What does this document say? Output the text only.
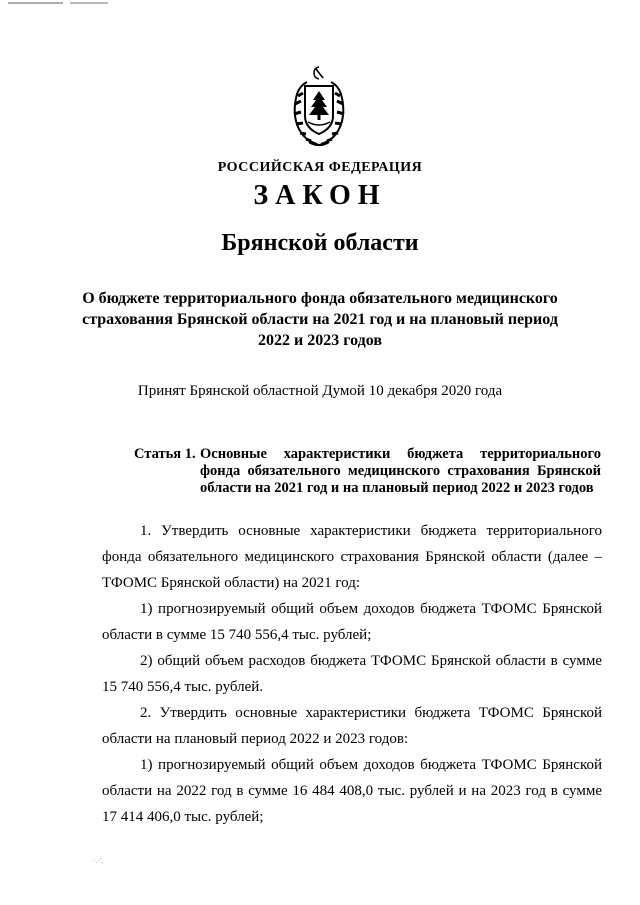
РОССИЙСКАЯ ФЕДЕРАЦИЯ
ЗАКОН
Брянской области
О бюджете территориального фонда обязательного медицинского страхования Брянской области на 2021 год и на плановый период 2022 и 2023 годов
Принят Брянской областной Думой 10 декабря 2020 года
Статья 1. Основные характеристики бюджета территориального фонда обязательного медицинского страхования Брянской области на 2021 год и на плановый период 2022 и 2023 годов

1. Утвердить основные характеристики бюджета территориального фонда обязательного медицинского страхования Брянской области (далее – ТФОМС Брянской области) на 2021 год:

1) прогнозируемый общий объем доходов бюджета ТФОМС Брянской области в сумме 15 740 556,4 тыс. рублей;

2) общий объем расходов бюджета ТФОМС Брянской области в сумме 15 740 556,4 тыс. рублей.

2. Утвердить основные характеристики бюджета ТФОМС Брянской области на плановый период 2022 и 2023 годов:

1) прогнозируемый общий объем доходов бюджета ТФОМС Брянской области на 2022 год в сумме 16 484 408,0 тыс. рублей и на 2023 год в сумме 17 414 406,0 тыс. рублей;

·.·`,
